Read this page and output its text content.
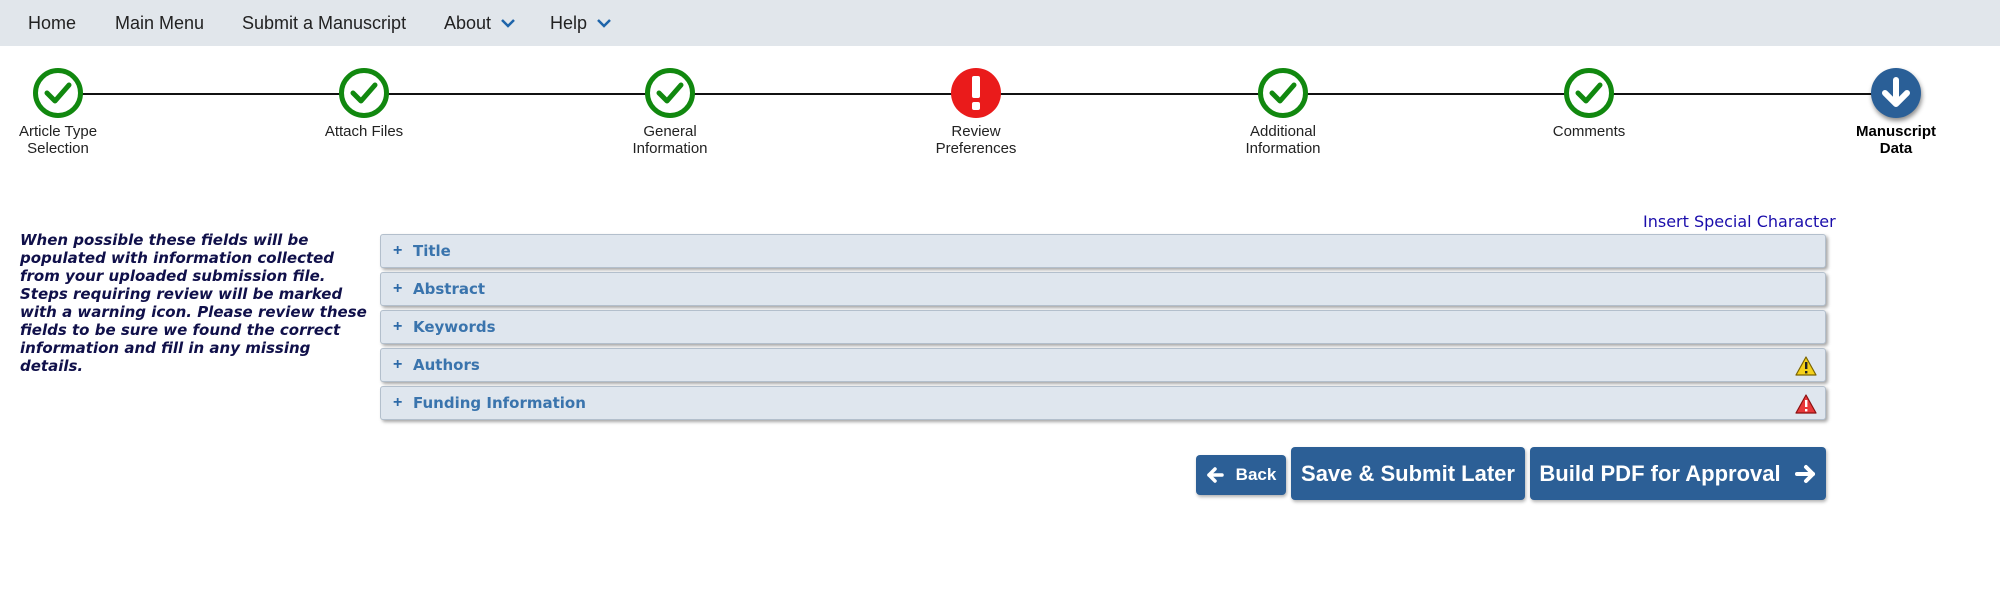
Home Main Menu Submit a Manuscript About	Help
Article Type
Selection
Attach Files	General
Information
Review
Preferences
Additional
Information
Comments	Manuscript
Data
When possible these fields will be populated with information collected from your uploaded submission file. Steps requiring review will be marked with a warning icon. Please review these fields to be sure we found the correct information and fill in any missing details.
Insert Special Character
+ Title
+ Abstract
+ Keywords
+ Authors
+ Funding Information
Back Save & Submit Later Build PDF for Approval
